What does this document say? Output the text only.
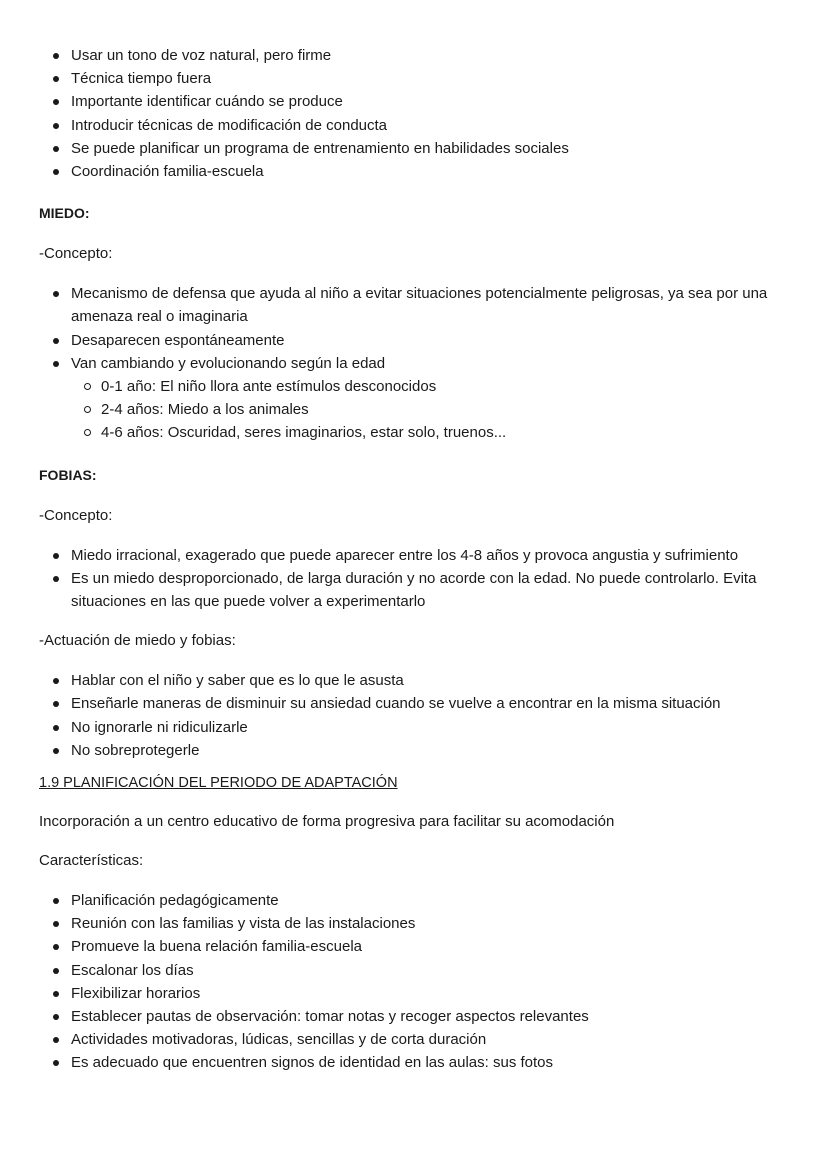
Usar un tono de voz natural, pero firme
Técnica tiempo fuera
Importante identificar cuándo se produce
Introducir técnicas de modificación de conducta
Se puede planificar un programa de entrenamiento en habilidades sociales
Coordinación familia-escuela

MIEDO:

-Concepto:

Mecanismo de defensa que ayuda al niño a evitar situaciones potencialmente peligrosas, ya sea por una amenaza real o imaginaria
Desaparecen espontáneamente
Van cambiando y evolucionando según la edad
0-1 año: El niño llora ante estímulos desconocidos
2-4 años: Miedo a los animales
4-6 años: Oscuridad, seres imaginarios, estar solo, truenos...

FOBIAS:

-Concepto:

Miedo irracional, exagerado que puede aparecer entre los 4-8 años y provoca angustia y sufrimiento
Es un miedo desproporcionado, de larga duración y no acorde con la edad. No puede controlarlo. Evita situaciones en las que puede volver a experimentarlo

-Actuación de miedo y fobias:

Hablar con el niño y saber que es lo que le asusta
Enseñarle maneras de disminuir su ansiedad cuando se vuelve a encontrar en la misma situación
No ignorarle ni ridiculizarle
No sobreprotegerle

1.9 PLANIFICACIÓN DEL PERIODO DE ADAPTACIÓN

Incorporación a un centro educativo de forma progresiva para facilitar su acomodación

Características:

Planificación pedagógicamente
Reunión con las familias y vista de las instalaciones
Promueve la buena relación familia-escuela
Escalonar los días
Flexibilizar horarios
Establecer pautas de observación: tomar notas y recoger aspectos relevantes
Actividades motivadoras, lúdicas, sencillas y de corta duración
Es adecuado que encuentren signos de identidad en las aulas: sus fotos
